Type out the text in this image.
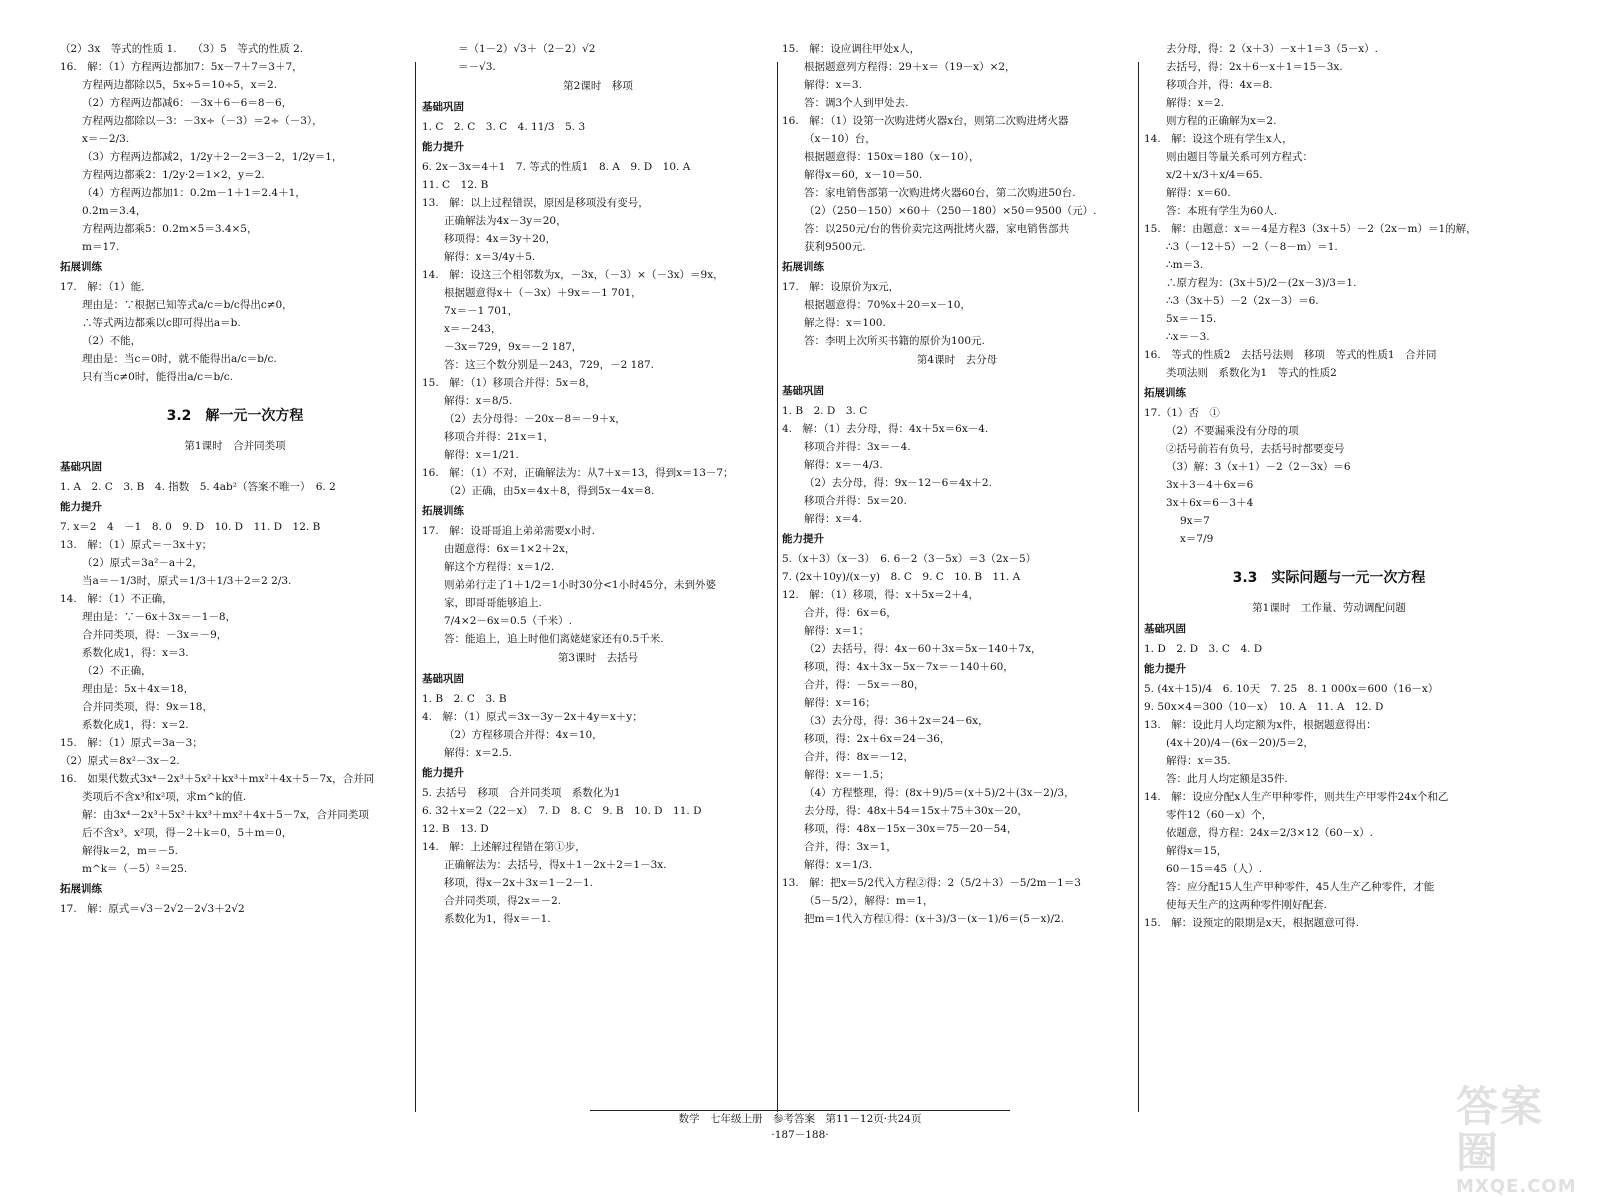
（2）3x　等式的性质 1.　　（3）5　等式的性质 2.

16.　解：（1）方程两边都加7：5x－7＋7＝3＋7，

方程两边都除以5，5x÷5＝10÷5，x＝2.

（2）方程两边都减6：－3x＋6－6＝8－6，

方程两边都除以－3：－3x÷（－3）＝2÷（－3），

x＝－2/3.

（3）方程两边都减2，1/2y＋2－2＝3－2，1/2y＝1，

方程两边都乘2：1/2y·2＝1×2，y＝2.

（4）方程两边都加1：0.2m－1＋1＝2.4＋1，

0.2m＝3.4，

方程两边都乘5：0.2m×5＝3.4×5，

m＝17.

拓展训练

17.　解：（1）能．

理由是：∵根据已知等式a/c＝b/c得出c≠0，

∴等式两边都乘以c即可得出a＝b.

（2）不能，

理由是：当c＝0时，就不能得出a/c＝b/c.

只有当c≠0时，能得出a/c＝b/c.

3.2　解一元一次方程

第1课时　合并同类项

基础巩固

1. A　2. C　3. B　4. 指数　5. 4ab²（答案不唯一）　6. 2

能力提升

7. x＝2　4　－1　8. 0　9. D　10. D　11. D　12. B

13.　解：（1）原式＝－3x＋y；

（2）原式＝3a²－a＋2，

当a＝－1/3时，原式＝1/3＋1/3＋2＝2 2/3.

14.　解：（1）不正确，

理由是：∵－6x＋3x＝－1－8，

合并同类项，得：－3x＝－9，

系数化成1，得：x＝3.

（2）不正确，

理由是：5x＋4x＝18，

合并同类项，得：9x＝18，

系数化成1，得：x＝2.

15.　解：（1）原式＝3a－3；

（2）原式＝8x²－3x－2.

16.　如果代数式3x⁴－2x³＋5x²＋kx³＋mx²＋4x＋5－7x，合并同

类项后不含x³和x²项，求m^k的值.

解：由3x⁴－2x³＋5x²＋kx³＋mx²＋4x＋5－7x，合并同类项

后不含x³、x²项，得－2＋k＝0，5＋m＝0，

解得k＝2，m＝－5.

m^k＝（－5）²＝25.

拓展训练

17.　解：原式＝√3－2√2－2√3＋2√2

＝（1－2）√3＋（2－2）√2

＝－√3.

第2课时　移项

基础巩固

1. C　2. C　3. C　4. 11/3　5. 3

能力提升

6. 2x－3x＝4＋1　7. 等式的性质1　8. A　9. D　10. A

11. C　12. B

13.　解：以上过程错误，原因是移项没有变号，

正确解法为4x－3y＝20，

移项得：4x＝3y＋20，

解得：x＝3/4y＋5.

14.　解：设这三个相邻数为x，－3x，（－3）×（－3x）＝9x，

根据题意得x＋（－3x）＋9x＝－1 701，

7x＝－1 701，

x＝－243，

－3x＝729，9x＝－2 187，

答：这三个数分别是－243，729，－2 187.

15.　解：（1）移项合并得：5x＝8，

解得：x＝8/5.

（2）去分母得：－20x－8＝－9＋x，

移项合并得：21x＝1，

解得：x＝1/21.

16.　解：（1）不对，正确解法为：从7＋x＝13，得到x＝13－7；

（2）正确，由5x＝4x＋8，得到5x－4x＝8.

拓展训练

17.　解：设哥哥追上弟弟需要x小时.

由题意得：6x＝1×2＋2x，

解这个方程得：x＝1/2.

则弟弟行走了1＋1/2＝1小时30分<1小时45分，未到外婆

家，即哥哥能够追上.

7/4×2－6x＝0.5（千米）.

答：能追上，追上时他们离姥姥家还有0.5千米.

第3课时　去括号

基础巩固

1. B　2. C　3. B

4.　解：（1）原式＝3x－3y－2x＋4y＝x＋y；

（2）方程移项合并得：4x＝10，

解得：x＝2.5.

能力提升

5. 去括号　移项　合并同类项　系数化为1

6. 32＋x＝2（22－x）　7. D　8. C　9. B　10. D　11. D

12. B　13. D

14.　解：上述解过程错在第①步，

正确解法为：去括号，得x＋1－2x＋2＝1－3x.

移项，得x－2x＋3x＝1－2－1.

合并同类项，得2x＝－2.

系数化为1，得x＝－1.

15.　解：设应调往甲处x人，

根据题意列方程得：29＋x＝（19－x）×2，

解得：x＝3.

答：调3个人到甲处去.

16.　解：（1）设第一次购进烤火器x台，则第二次购进烤火器

（x－10）台，

根据题意得：150x＝180（x－10），

解得x＝60，x－10＝50.

答：家电销售部第一次购进烤火器60台，第二次购进50台.

（2）（250－150）×60＋（250－180）×50＝9500（元）.

答：以250元/台的售价卖完这两批烤火器，家电销售部共

获利9500元.

拓展训练

17.　解：设原价为x元，

根据题意得：70%x＋20＝x－10，

解之得：x＝100.

答：李明上次所买书籍的原价为100元.

第4课时　去分母

基础巩固

1. B　2. D　3. C

4.　解：（1）去分母，得：4x＋5x＝6x－4.

移项合并得：3x＝－4.

解得：x＝－4/3.

（2）去分母，得：9x－12－6＝4x＋2.

移项合并得：5x＝20.

解得：x＝4.

能力提升

5.（x＋3）（x－3）　6. 6－2（3－5x）＝3（2x－5）

7. (2x＋10y)/(x－y)　8. C　9. C　10. B　11. A

12.　解：（1）移项，得：x＋5x＝2＋4，

合并，得：6x＝6，

解得：x＝1；

（2）去括号，得：4x－60＋3x＝5x－140＋7x，

移项，得：4x＋3x－5x－7x＝－140＋60，

合并，得：－5x＝－80，

解得：x＝16；

（3）去分母，得：36＋2x＝24－6x，

移项，得：2x＋6x＝24－36，

合并，得：8x＝－12，

解得：x＝－1.5；

（4）方程整理，得：(8x＋9)/5＝(x＋5)/2＋(3x－2)/3，

去分母，得：48x＋54＝15x＋75＋30x－20，

移项，得：48x－15x－30x＝75－20－54，

合并，得：3x＝1，

解得：x＝1/3.

13.　解：把x＝5/2代入方程②得：2（5/2＋3）－5/2m－1＝3

（5－5/2），解得：m＝1，

把m＝1代入方程①得：(x＋3)/3－(x－1)/6＝(5－x)/2.

去分母，得：2（x＋3）－x＋1＝3（5－x）.

去括号，得：2x＋6－x＋1＝15－3x.

移项合并，得：4x＝8.

解得：x＝2.

则方程的正确解为x＝2.

14.　解：设这个班有学生x人，

则由题目等量关系可列方程式：

x/2＋x/3＋x/4＝65.

解得：x＝60.

答：本班有学生为60人.

15.　解：由题意：x＝－4是方程3（3x＋5）－2（2x－m）＝1的解，

∴3（－12＋5）－2（－8－m）＝1.

∴m＝3.

∴原方程为：(3x＋5)/2－(2x－3)/3＝1.

∴3（3x＋5）－2（2x－3）＝6.

5x＝－15.

∴x＝－3.

16.　等式的性质2　去括号法则　移项　等式的性质1　合并同

类项法则　系数化为1　等式的性质2

拓展训练

17.（1）否　①

（2）不要漏乘没有分母的项

②括号前若有负号，去括号时都要变号

（3）解：3（x＋1）－2（2－3x）＝6

3x＋3－4＋6x＝6

3x＋6x＝6－3＋4

9x＝7

x＝7/9

3.3　实际问题与一元一次方程

第1课时　工作量、劳动调配问题

基础巩固

1. D　2. D　3. C　4. D

能力提升

5. (4x＋15)/4　6. 10天　7. 25　8. 1 000x＝600（16－x）

9. 50x×4＝300（10－x）　10. A　11. A　12. D

13.　解：设此月人均定额为x件，根据题意得出：

(4x＋20)/4－(6x－20)/5＝2，

解得：x＝35.

答：此月人均定额是35件.

14.　解：设应分配x人生产甲种零件，则共生产甲零件24x个和乙

零件12（60－x）个，

依题意，得方程：24x＝2/3×12（60－x）.

解得x＝15，

60－15＝45（人）.

答：应分配15人生产甲种零件，45人生产乙种零件，才能

使每天生产的这两种零件刚好配套.

15.　解：设预定的限期是x天，根据题意可得.

数学　七年级上册　参考答案　第11－12页·共24页
·187－188·
答案圈
MXQE.COM
